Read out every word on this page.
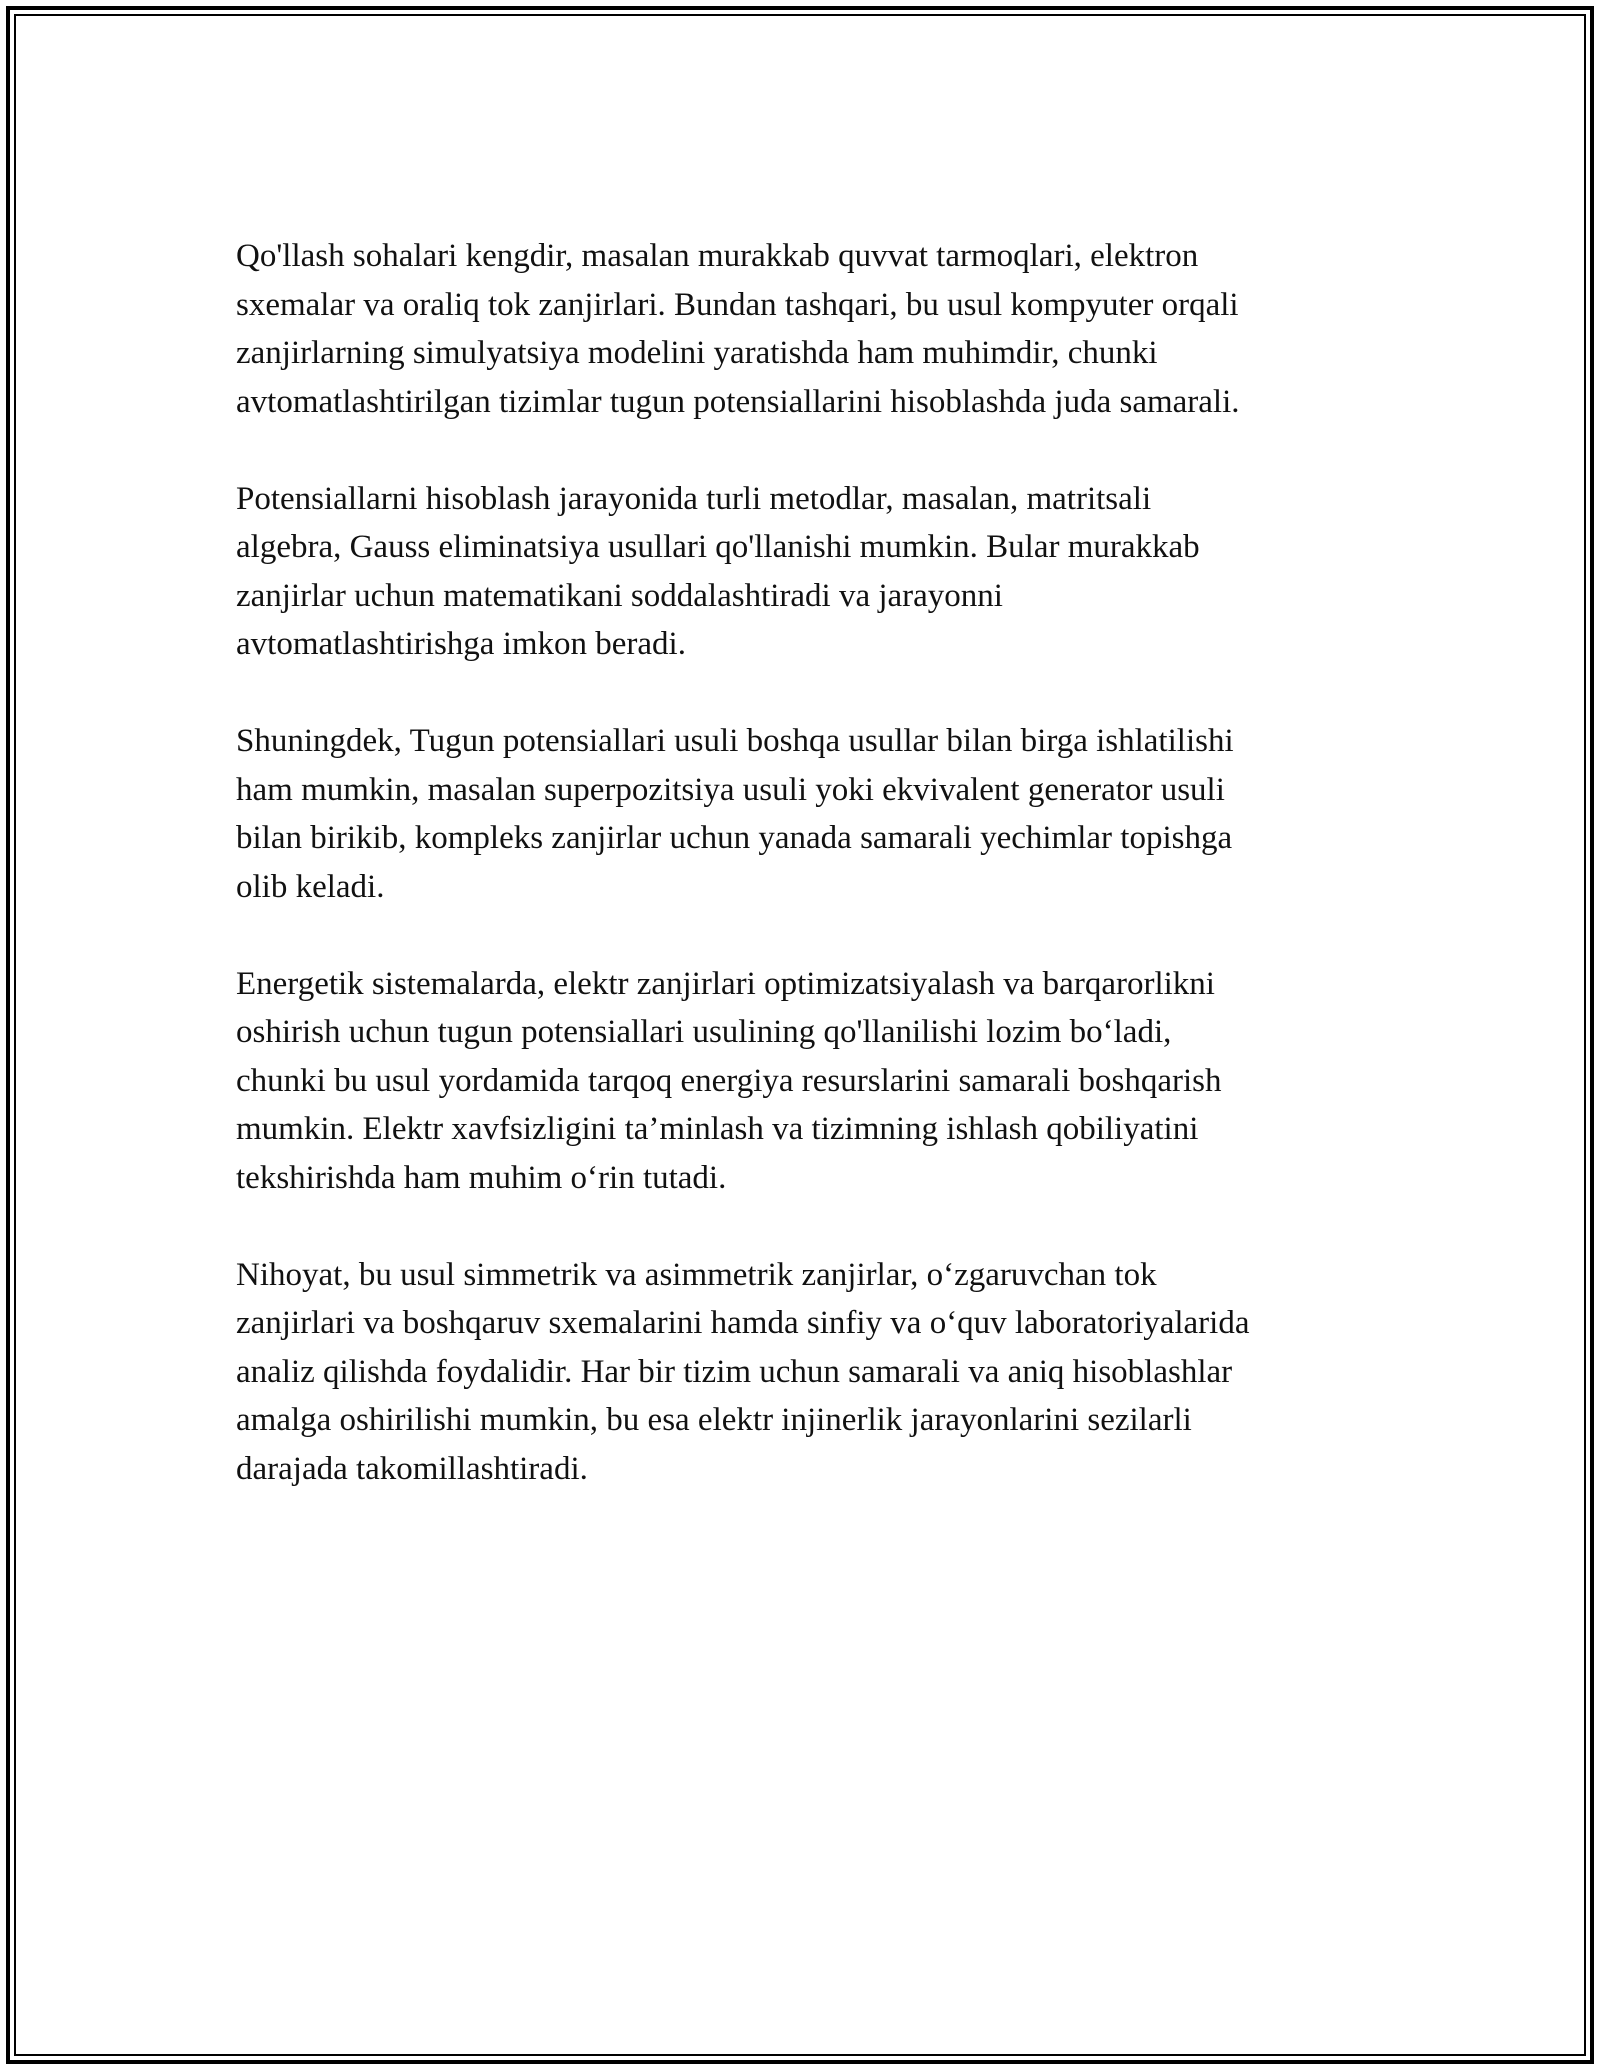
Qo'llash sohalari kengdir, masalan murakkab quvvat tarmoqlari, elektron
sxemalar va oraliq tok zanjirlari. Bundan tashqari, bu usul kompyuter orqali
zanjirlarning simulyatsiya modelini yaratishda ham muhimdir, chunki
avtomatlashtirilgan tizimlar tugun potensiallarini hisoblashda juda samarali.

Potensiallarni hisoblash jarayonida turli metodlar, masalan, matritsali
algebra, Gauss eliminatsiya usullari qo'llanishi mumkin. Bular murakkab
zanjirlar uchun matematikani soddalashtiradi va jarayonni
avtomatlashtirishga imkon beradi.

Shuningdek, Tugun potensiallari usuli boshqa usullar bilan birga ishlatilishi
ham mumkin, masalan superpozitsiya usuli yoki ekvivalent generator usuli
bilan birikib, kompleks zanjirlar uchun yanada samarali yechimlar topishga
olib keladi.

Energetik sistemalarda, elektr zanjirlari optimizatsiyalash va barqarorlikni
oshirish uchun tugun potensiallari usulining qo'llanilishi lozim bo‘ladi,
chunki bu usul yordamida tarqoq energiya resurslarini samarali boshqarish
mumkin. Elektr xavfsizligini ta’minlash va tizimning ishlash qobiliyatini
tekshirishda ham muhim o‘rin tutadi.

Nihoyat, bu usul simmetrik va asimmetrik zanjirlar, o‘zgaruvchan tok
zanjirlari va boshqaruv sxemalarini hamda sinfiy va o‘quv laboratoriyalarida
analiz qilishda foydalidir. Har bir tizim uchun samarali va aniq hisoblashlar
amalga oshirilishi mumkin, bu esa elektr injinerlik jarayonlarini sezilarli
darajada takomillashtiradi.
